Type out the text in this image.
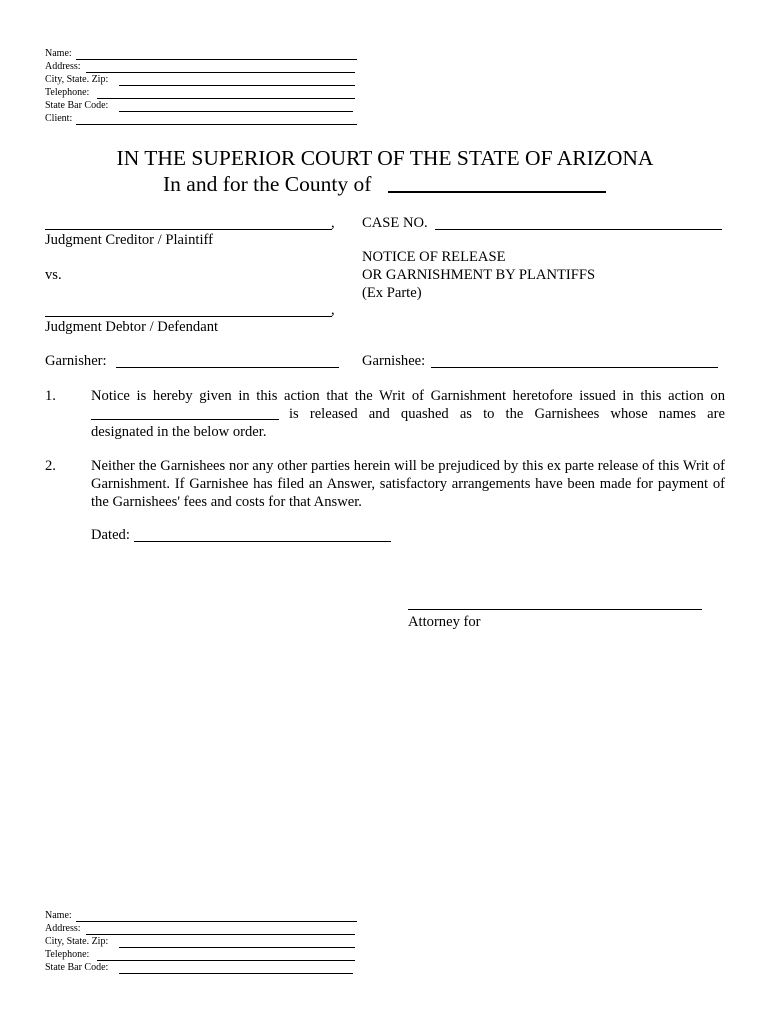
Name:
Address:
City, State. Zip:
Telephone:
State Bar Code:
Client:
IN THE SUPERIOR COURT OF THE STATE OF ARIZONA
In and for the County of
,
Judgment Creditor / Plaintiff
vs.
,
Judgment Debtor / Defendant
CASE NO.
NOTICE OF RELEASE
OR GARNISHMENT BY PLANTIFFS
(Ex Parte)
Garnisher:	Garnishee:
1. Notice is hereby given in this action that the Writ of Garnishment heretofore issued in this action on
is released and quashed as to the Garnishees whose names are
designated in the below order.
2. Neither the Garnishees nor any other parties herein will be prejudiced by this ex parte release of this Writ of Garnishment. If Garnishee has filed an Answer, satisfactory arrangements have been made for payment of the Garnishees' fees and costs for that Answer.
Dated:
Attorney for
Name:
Address:
City, State. Zip:
Telephone:
State Bar Code:
